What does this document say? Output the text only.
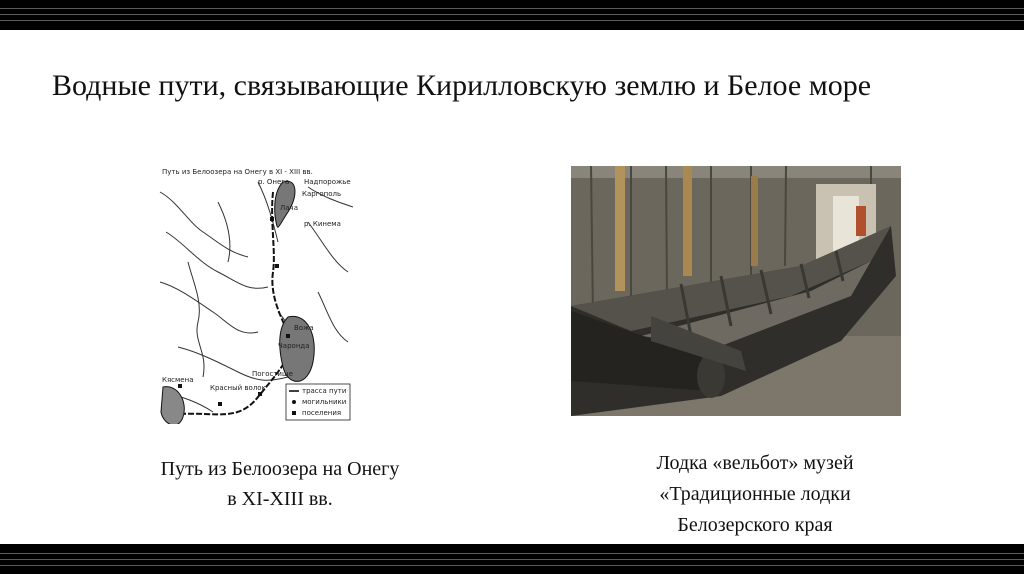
Водные пути, связывающие Кирилловскую землю и Белое море
Путь из Белоозера на Онегу в XI - XIII вв.
Надпорожье
р. Онега
Каргополь
р. Кинема
Лача
Вожа
Чаронда
Погостище
Кясмена
Красный волок	трасса пути
могильники
поселения
Путь из Белоозера на Онегу
в XI-XIII вв.
Лодка «вельбот» музей
«Традиционные лодки
Белозерского края
